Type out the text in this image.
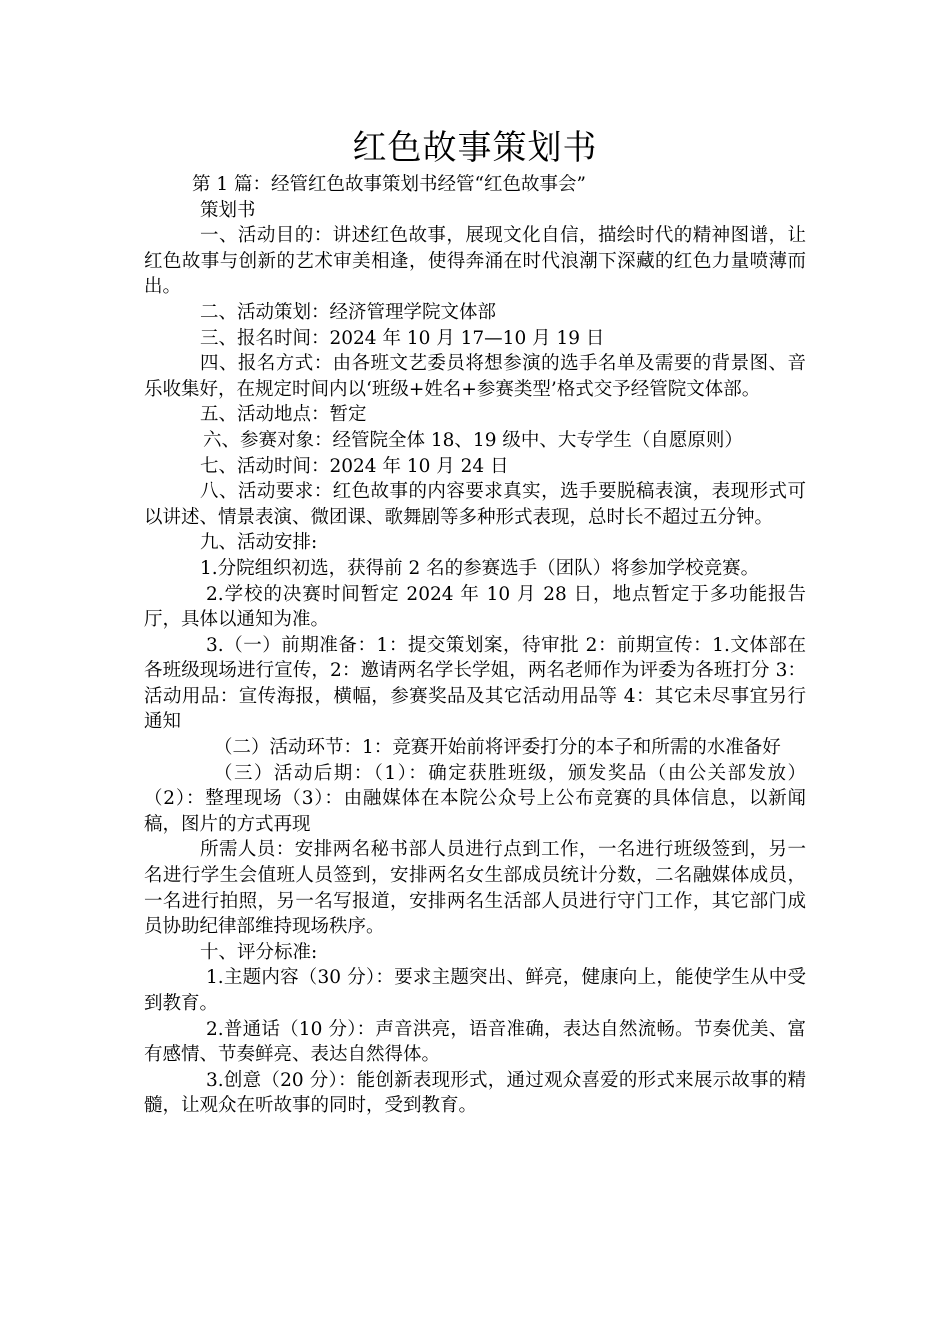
红色故事策划书

第 1 篇：经管红色故事策划书经管“红色故事会”

策划书

一、活动目的：讲述红色故事，展现文化自信，描绘时代的精神图谱，让红色故事与创新的艺术审美相逢，使得奔涌在时代浪潮下深藏的红色力量喷薄而出。

二、活动策划：经济管理学院文体部

三、报名时间：2024 年 10 月 17—10 月 19 日

四、报名方式：由各班文艺委员将想参演的选手名单及需要的背景图、音乐收集好，在规定时间内以‘班级+姓名+参赛类型’格式交予经管院文体部。

五、活动地点：暂定

六、参赛对象：经管院全体 18、19 级中、大专学生（自愿原则）

七、活动时间：2024 年 10 月 24 日

八、活动要求：红色故事的内容要求真实，选手要脱稿表演，表现形式可以讲述、情景表演、微团课、歌舞剧等多种形式表现，总时长不超过五分钟。

九、活动安排:

1.分院组织初选，获得前 2 名的参赛选手（团队）将参加学校竞赛。

2.学校的决赛时间暂定 2024 年 10 月 28 日，地点暂定于多功能报告厅，具体以通知为准。

3.（一）前期准备：1：提交策划案，待审批 2：前期宣传：1.文体部在各班级现场进行宣传，2：邀请两名学长学姐，两名老师作为评委为各班打分 3：活动用品：宣传海报，横幅，参赛奖品及其它活动用品等 4：其它未尽事宜另行通知

（二）活动环节：1：竞赛开始前将评委打分的本子和所需的水准备好

（三）活动后期：（1）：确定获胜班级，颁发奖品（由公关部发放）（2）：整理现场（3）：由融媒体在本院公众号上公布竞赛的具体信息，以新闻稿，图片的方式再现

所需人员：安排两名秘书部人员进行点到工作，一名进行班级签到，另一名进行学生会值班人员签到，安排两名女生部成员统计分数，二名融媒体成员，一名进行拍照，另一名写报道，安排两名生活部人员进行守门工作，其它部门成员协助纪律部维持现场秩序。

十、评分标准:

1.主题内容（30 分）：要求主题突出、鲜亮，健康向上，能使学生从中受到教育。

2.普通话（10 分）：声音洪亮，语音准确，表达自然流畅。节奏优美、富有感情、节奏鲜亮、表达自然得体。

3.创意（20 分）：能创新表现形式，通过观众喜爱的形式来展示故事的精髓，让观众在听故事的同时，受到教育。
